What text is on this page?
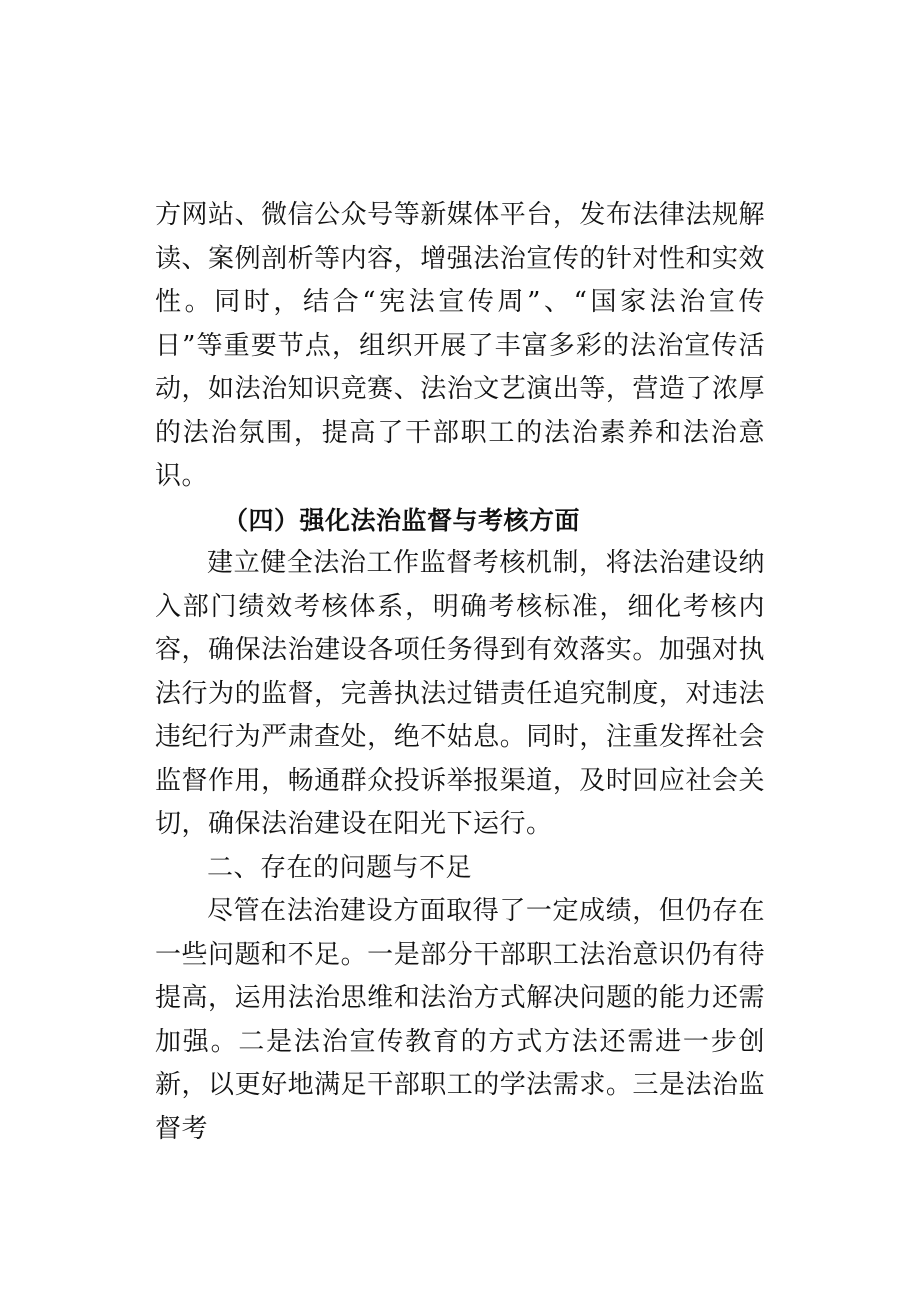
方网站、微信公众号等新媒体平台，发布法律法规解读、案例剖析等内容，增强法治宣传的针对性和实效性。同时，结合“宪法宣传周”、“国家法治宣传日”等重要节点，组织开展了丰富多彩的法治宣传活动，如法治知识竞赛、法治文艺演出等，营造了浓厚的法治氛围，提高了干部职工的法治素养和法治意识。

（四）强化法治监督与考核方面

建立健全法治工作监督考核机制，将法治建设纳入部门绩效考核体系，明确考核标准，细化考核内容，确保法治建设各项任务得到有效落实。加强对执法行为的监督，完善执法过错责任追究制度，对违法违纪行为严肃查处，绝不姑息。同时，注重发挥社会监督作用，畅通群众投诉举报渠道，及时回应社会关切，确保法治建设在阳光下运行。

二、存在的问题与不足

尽管在法治建设方面取得了一定成绩，但仍存在一些问题和不足。一是部分干部职工法治意识仍有待提高，运用法治思维和法治方式解决问题的能力还需加强。二是法治宣传教育的方式方法还需进一步创新，以更好地满足干部职工的学法需求。三是法治监督考
